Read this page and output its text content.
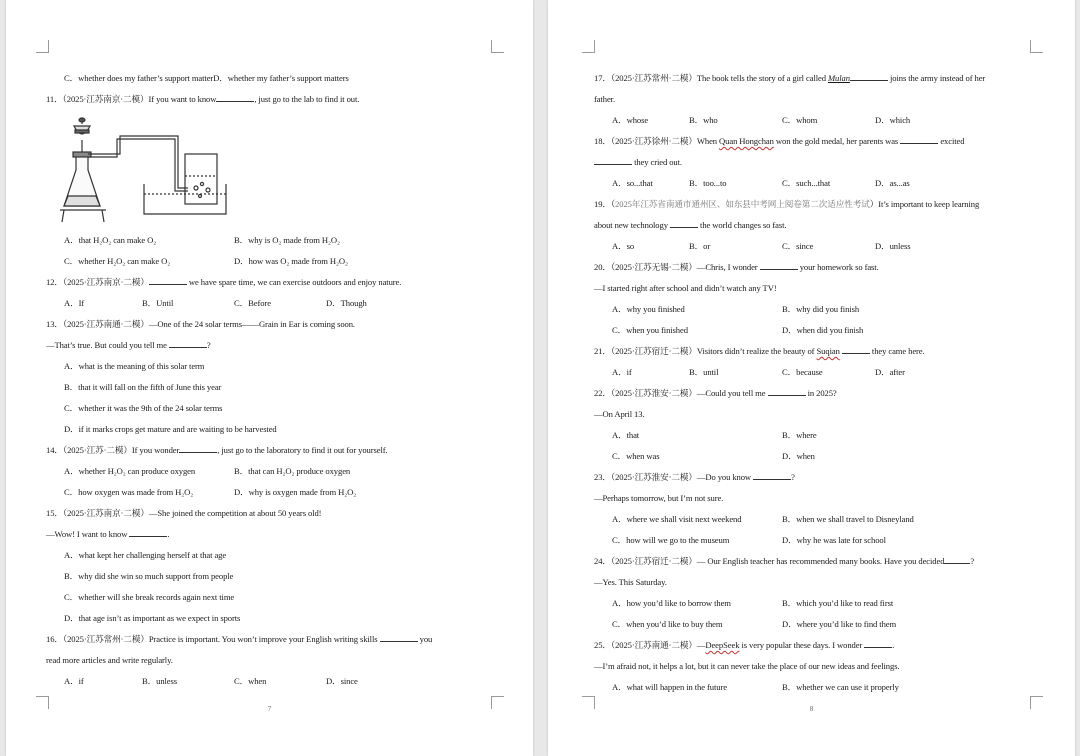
C．whether does my father’s support matterD．whether my father’s support matters
11．（2025·江苏南京·二模）If you want to know	, just go to the lab to find it out.
A．that H₂O₂ can make O₂	B．why is O₂ made from H₂O₂
C．whether H₂O₂ can make O₂	D．how was O₂ made from H₂O₂
12．（2025·江苏南京·二模）	we have spare time, we can exercise outdoors and enjoy nature.
A．If	B．Until	C．Before	D．Though
13．（2025·江苏南通·二模）—One of the 24 solar terms——Grain in Ear is coming soon.
—That’s true. But could you tell me	?
A．what is the meaning of this solar term
B．that it will fall on the fifth of June this year
C．whether it was the 9th of the 24 solar terms
D．if it marks crops get mature and are waiting to be harvested
14．（2025·江苏·二模）If you wonder	, just go to the laboratory to find it out for yourself.
A．whether H₂O₂ can produce oxygen	B．that can H₂O₂ produce oxygen
C．how oxygen was made from H₂O₂	D．why is oxygen made from H₂O₂
15．（2025·江苏南京·二模）—She joined the competition at about 50 years old!
—Wow! I want to know	.
A．what kept her challenging herself at that age
B．why did she win so much support from people
C．whether will she break records again next time
D．that age isn’t as important as we expect in sports
16．（2025·江苏常州·二模）Practice is important. You won’t improve your English writing skills	you
read more articles and write regularly.
A．if	B．unless	C．when	D．since
7
17．（2025·江苏常州·二模）The book tells the story of a girl called Mulan	joins the army instead of her
father.
A．whose	B．who	C．whom	D．which
18．（2025·江苏徐州·二模）When Quan Hongchan won the gold medal, her parents was	excited
they cried out.
A．so...that	B．too...to	C．such...that	D．as...as
19．（2025年江苏省南通市通州区、如东县中考网上阅卷第二次适应性考试）It’s important to keep learning
about new technology	the world changes so fast.
A．so	B．or	C．since	D．unless
20．（2025·江苏无锡·二模）—Chris, I wonder	your homework so fast.
—I started right after school and didn’t watch any TV!
A．why you finished	B．why did you finish
C．when you finished	D．when did you finish
21．（2025·江苏宿迁·二模）Visitors didn’t realize the beauty of Suqian	they came here.
A．if	B．until	C．because	D．after
22．（2025·江苏淮安·二模）—Could you tell me	in 2025?
—On April 13.
A．that	B．where
C．when was	D．when
23．（2025·江苏淮安·二模）—Do you know	?
—Perhaps tomorrow, but I’m not sure.
A．where we shall visit next weekend	B．when we shall travel to Disneyland
C．how will we go to the museum	D．why he was late for school
24．（2025·江苏宿迁·二模）— Our English teacher has recommended many books. Have you decided	?
—Yes. This Saturday.
A．how you’d like to borrow them	B．which you’d like to read first
C．when you’d like to buy them	D．where you’d like to find them
25．（2025·江苏南通·二模）—DeepSeek is very popular these days. I wonder	.
—I’m afraid not, it helps a lot, but it can never take the place of our new ideas and feelings.
A．what will happen in the future	B．whether we can use it properly
8
